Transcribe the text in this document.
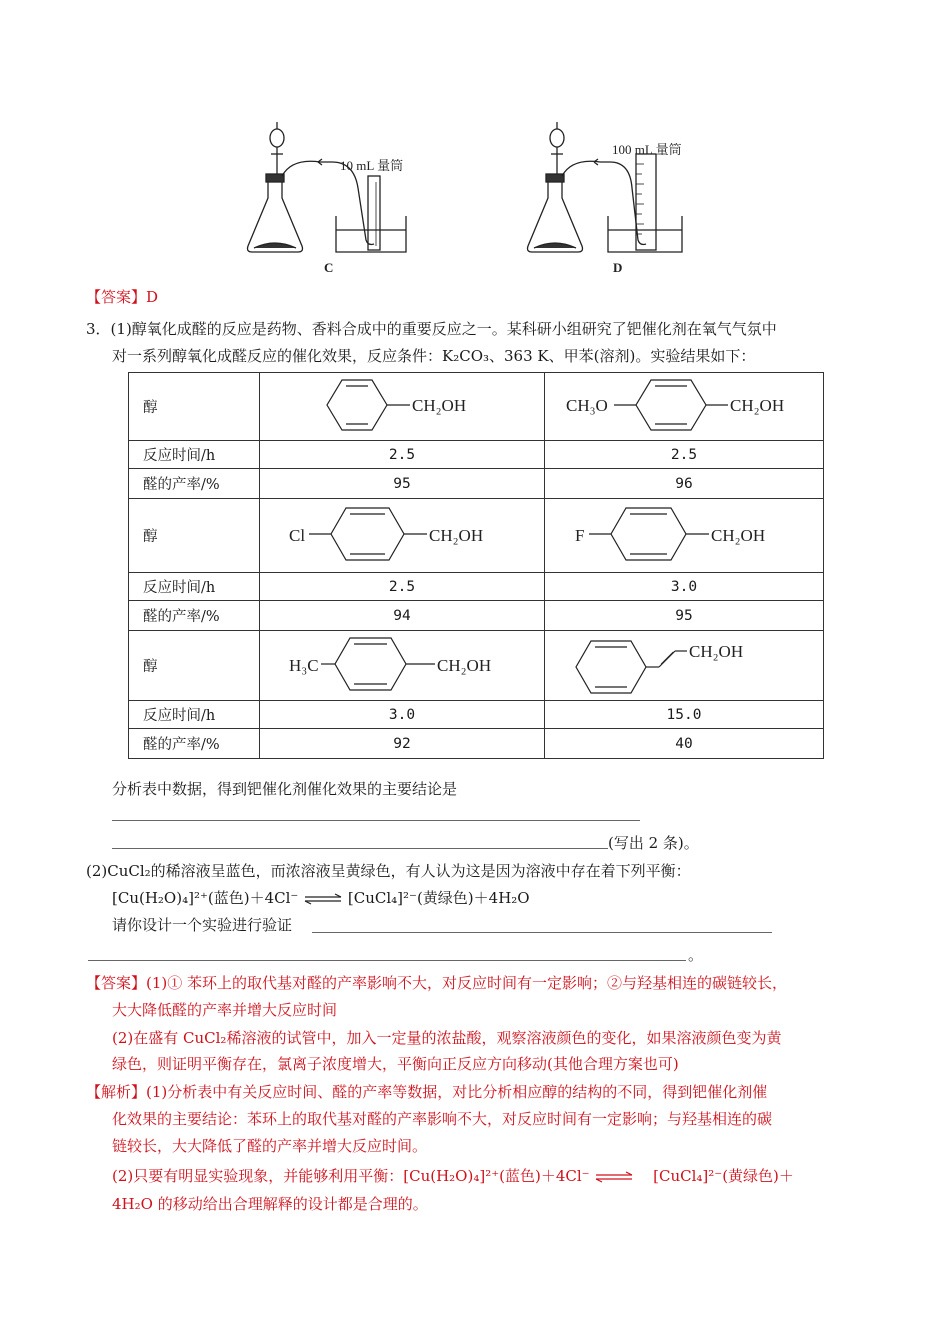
10 mL 量筒
C
100 mL 量筒
D
【答案】D
3．(1)醇氧化成醛的反应是药物、香料合成中的重要反应之一。某科研小组研究了钯催化剂在氧气气氛中
对一系列醇氧化成醛反应的催化效果，反应条件：K₂CO₃、363 K、甲苯(溶剂)。实验结果如下：
醇	CH₂OH	CH₃O CH₂OH

反应时间/h	2.5	2.5
醛的产率/%	95	96
醇	Cl CH₂OH	F CH₂OH

反应时间/h	2.5	3.0
醛的产率/%	94	95
醇	H₃C CH₂OH	CH₂OH

反应时间/h	3.0	15.0
醛的产率/%	92	40
分析表中数据，得到钯催化剂催化效果的主要结论是
(写出 2 条)。
(2)CuCl₂的稀溶液呈蓝色，而浓溶液呈黄绿色，有人认为这是因为溶液中存在着下列平衡：
[Cu(H₂O)₄]²⁺(蓝色)＋4Cl⁻ ⇌ [CuCl₄]²⁻(黄绿色)＋4H₂O
请你设计一个实验进行验证
。
【答案】(1)① 苯环上的取代基对醛的产率影响不大，对反应时间有一定影响；②与羟基相连的碳链较长，
大大降低醛的产率并增大反应时间
(2)在盛有 CuCl₂稀溶液的试管中，加入一定量的浓盐酸，观察溶液颜色的变化，如果溶液颜色变为黄
绿色，则证明平衡存在，氯离子浓度增大，平衡向正反应方向移动(其他合理方案也可)
【解析】(1)分析表中有关反应时间、醛的产率等数据，对比分析相应醇的结构的不同，得到钯催化剂催
化效果的主要结论：苯环上的取代基对醛的产率影响不大，对反应时间有一定影响；与羟基相连的碳
链较长，大大降低了醛的产率并增大反应时间。
(2)只要有明显实验现象，并能够利用平衡：[Cu(H₂O)₄]²⁺(蓝色)＋4Cl⁻ ⇌ [CuCl₄]²⁻(黄绿色)＋
4H₂O 的移动给出合理解释的设计都是合理的。
